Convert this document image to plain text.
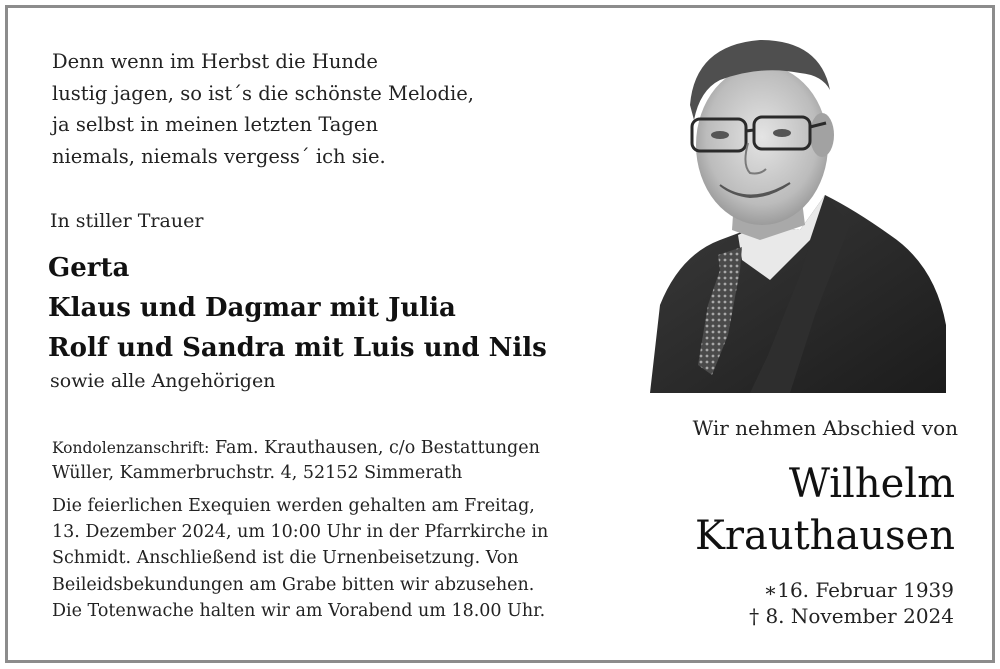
Denn wenn im Herbst die Hunde
lustig jagen, so ist´s die schönste Melodie,
ja selbst in meinen letzten Tagen
niemals, niemals vergess´ ich sie.
In stiller Trauer
Gerta
Klaus und Dagmar mit Julia
Rolf und Sandra mit Luis und Nils
sowie alle Angehörigen
Kondolenzanschrift: Fam. Krauthausen, c/o Bestattungen
Wüller, Kammerbruchstr. 4, 52152 Simmerath
Die feierlichen Exequien werden gehalten am Freitag,
13. Dezember 2024, um 10:00 Uhr in der Pfarrkirche in
Schmidt. Anschließend ist die Urnenbeisetzung. Von
Beileidsbekundungen am Grabe bitten wir abzusehen.
Die Totenwache halten wir am Vorabend um 18.00 Uhr.
Wir nehmen Abschied von
Wilhelm
Krauthausen
∗16. Februar 1939
† 8. November 2024
